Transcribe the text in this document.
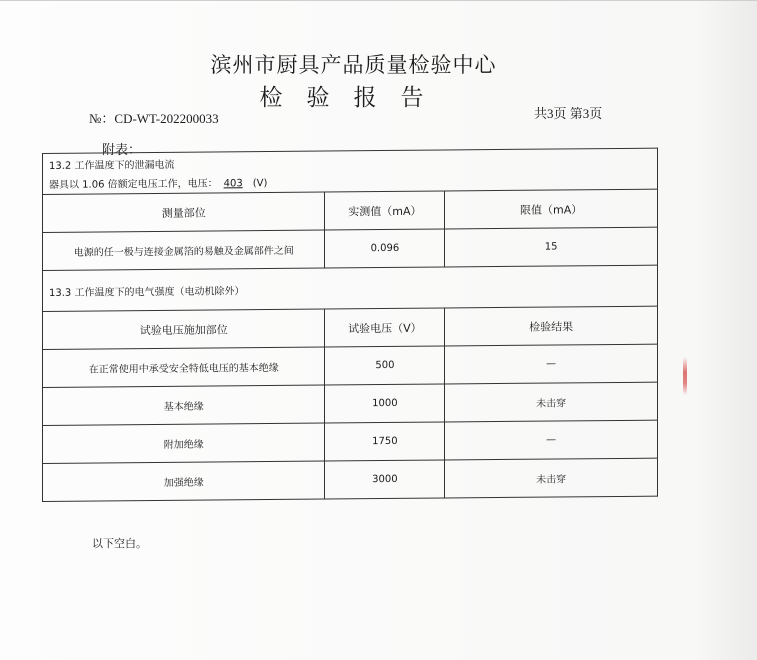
滨州市厨具产品质量检验中心
检验报告
№：CD-WT-202200033	共3页 第3页
附表：
13.2 工作温度下的泄漏电流
器具以 1.06 倍额定电压工作，电压： 403 (V)		

测量部位	实测值（mA）	限值（mA）
电源的任一极与连接金属箔的易触及金属部件之间	0.096	15
13.3 工作温度下的电气强度（电动机除外）		
试验电压施加部位	试验电压（V）	检验结果
在正常使用中承受安全特低电压的基本绝缘	500	—
基本绝缘	1000	未击穿
附加绝缘	1750	—
加强绝缘	3000	未击穿
以下空白。
